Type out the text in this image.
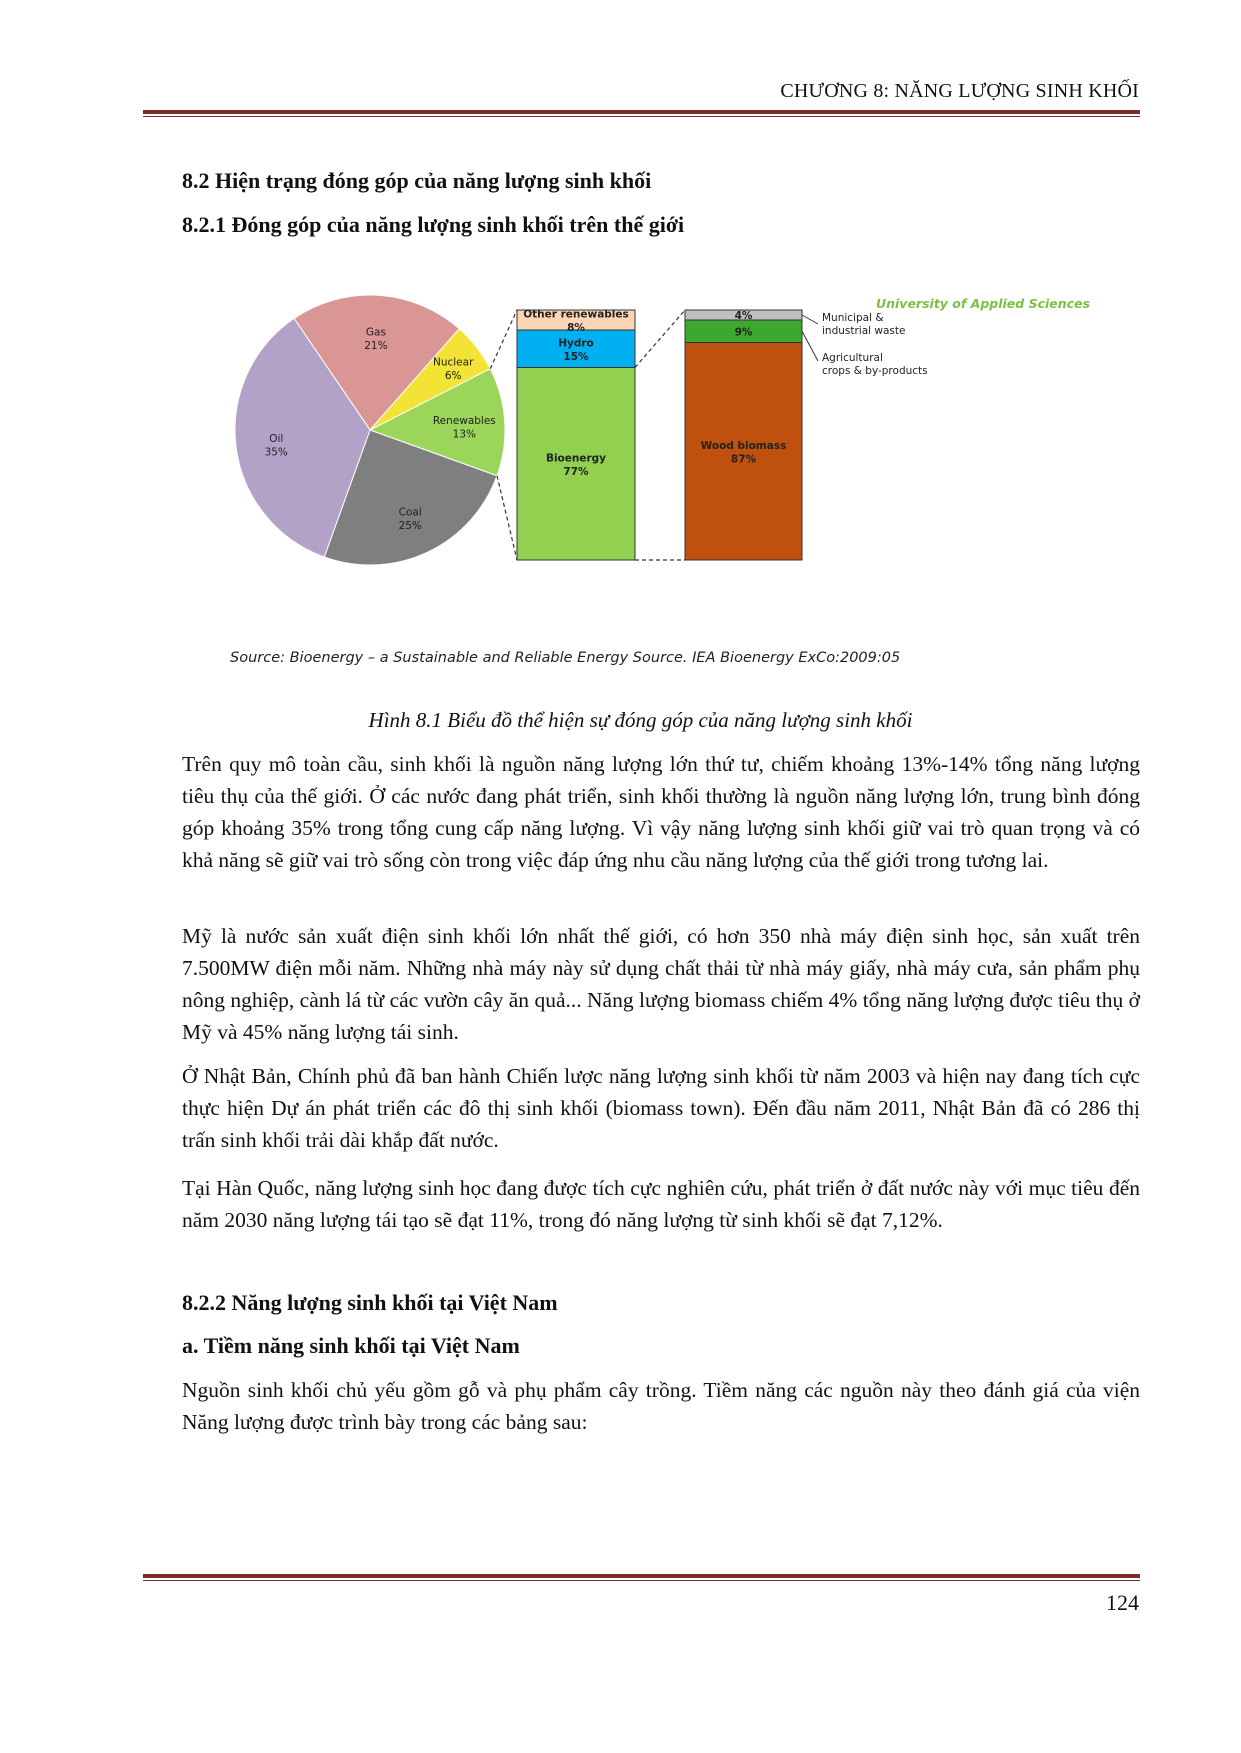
CHƯƠNG 8: NĂNG LƯỢNG SINH KHỐI
8.2 Hiện trạng đóng góp của năng lượng sinh khối
8.2.1 Đóng góp của năng lượng sinh khối trên thế giới
Gas 21%
Nuclear 6%
Renewables 13%
Coal 25%
Oil 35%	Bioenergy 77%
Hydro 15%
Other renewables 8%
Wood biomass 87%
9%
4%	Municipal & industrial waste
Agricultural crops & by-products
University of Applied Sciences
Source: Bioenergy – a Sustainable and Reliable Energy Source. IEA Bioenergy ExCo:2009:05
Hình 8.1 Biểu đồ thể hiện sự đóng góp của năng lượng sinh khối

Trên quy mô toàn cầu, sinh khối là nguồn năng lượng lớn thứ tư, chiếm khoảng 13%-14% tổng năng lượng tiêu thụ của thế giới. Ở các nước đang phát triển, sinh khối thường là nguồn năng lượng lớn, trung bình đóng góp khoảng 35% trong tổng cung cấp năng lượng. Vì vậy năng lượng sinh khối giữ vai trò quan trọng và có khả năng sẽ giữ vai trò sống còn trong việc đáp ứng nhu cầu năng lượng của thế giới trong tương lai.

Mỹ là nước sản xuất điện sinh khối lớn nhất thế giới, có hơn 350 nhà máy điện sinh học, sản xuất trên 7.500MW điện mỗi năm. Những nhà máy này sử dụng chất thải từ nhà máy giấy, nhà máy cưa, sản phẩm phụ nông nghiệp, cành lá từ các vườn cây ăn quả... Năng lượng biomass chiếm 4% tổng năng lượng được tiêu thụ ở Mỹ và 45% năng lượng tái sinh.

Ở Nhật Bản, Chính phủ đã ban hành Chiến lược năng lượng sinh khối từ năm 2003 và hiện nay đang tích cực thực hiện Dự án phát triển các đô thị sinh khối (biomass town). Đến đầu năm 2011, Nhật Bản đã có 286 thị trấn sinh khối trải dài khắp đất nước.

Tại Hàn Quốc, năng lượng sinh học đang được tích cực nghiên cứu, phát triển ở đất nước này với mục tiêu đến năm 2030 năng lượng tái tạo sẽ đạt 11%, trong đó năng lượng từ sinh khối sẽ đạt 7,12%.

8.2.2 Năng lượng sinh khối tại Việt Nam
a. Tiềm năng sinh khối tại Việt Nam

Nguồn sinh khối chủ yếu gồm gỗ và phụ phẩm cây trồng. Tiềm năng các nguồn này theo đánh giá của viện Năng lượng được trình bày trong các bảng sau:

124
